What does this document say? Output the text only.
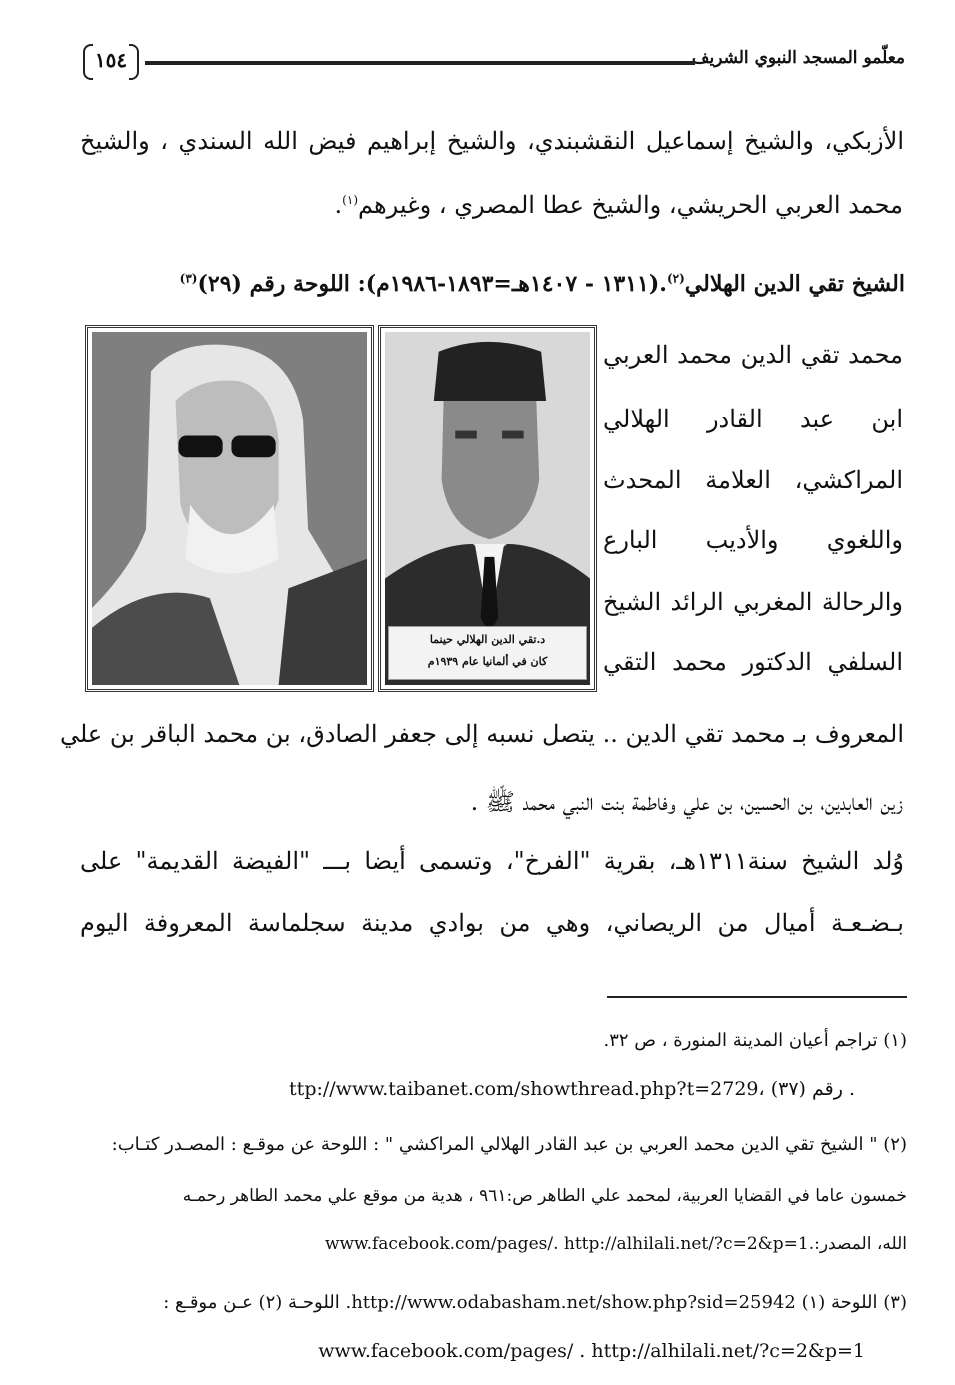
معلّمو المسجد النبوي الشريف
١٥٤
الأزبكي، والشيخ إسماعيل النقشبندي، والشيخ إبراهيم فيض الله السندي ، والشيخ
محمد العربي الحريشي، والشيخ عطا المصري ، وغيرهم$^{(١)}$.
الشيخ تقي الدين الهلالي$^{(٢)}$.(١٣١١ - ١٤٠٧هـ=١٨٩٣-١٩٨٦م): اللوحة رقم (٢٩)$^{(٣)}$
محمد تقي الدين محمد العربي
ابن عبد القادر الهلالي
المراكشي، العلامة المحدث
واللغوي والأديب البارع
والرحالة المغربي الرائد الشيخ
السلفي الدكتور محمد التقي
د.تقي الدين الهلالي حينما
كان في ألمانيا عام ١٩٣٩م
المعروف بـ محمد تقي الدين .. يتصل نسبه إلى جعفر الصادق، بن محمد الباقر بن علي
زين العابدين، بن الحسين، بن علي وفاطمة بنت النبي محمد ﷺ .
وُلد الشيخ سنة١٣١١هـ، بقرية "الفرخ"، وتسمى أيضا بـــ "الفيضة القديمة" على
بـضـعـة أميال من الريصاني، وهي من بوادي مدينة سجلماسة المعروفة اليوم
(١) تراجم أعيان المدينة المنورة ، ص ٣٢.
ttp://www.taibanet.com/showthread.php?t=2729، رقم (٣٧) .
(٢) " الشيخ تقي الدين محمد العربي بن عبد القادر الهلالي المراكشي " : اللوحة عن موقـع : المصـدر كتـاب:
خمسون عاما في القضايا العربية، لمحمد علي الطاهر ص:٩٦١ ، هدية من موقع علي محمد الطاهر رحمـه
الله، المصدر:.www.facebook.com/pages/. http://alhilali.net/?c=2&p=1
(٣) اللوحة (١) http://www.odabasham.net/show.php?sid=25942. اللوحـة (٢) عـن موقـع :
www.facebook.com/pages/ . http://alhilali.net/?c=2&p=1
